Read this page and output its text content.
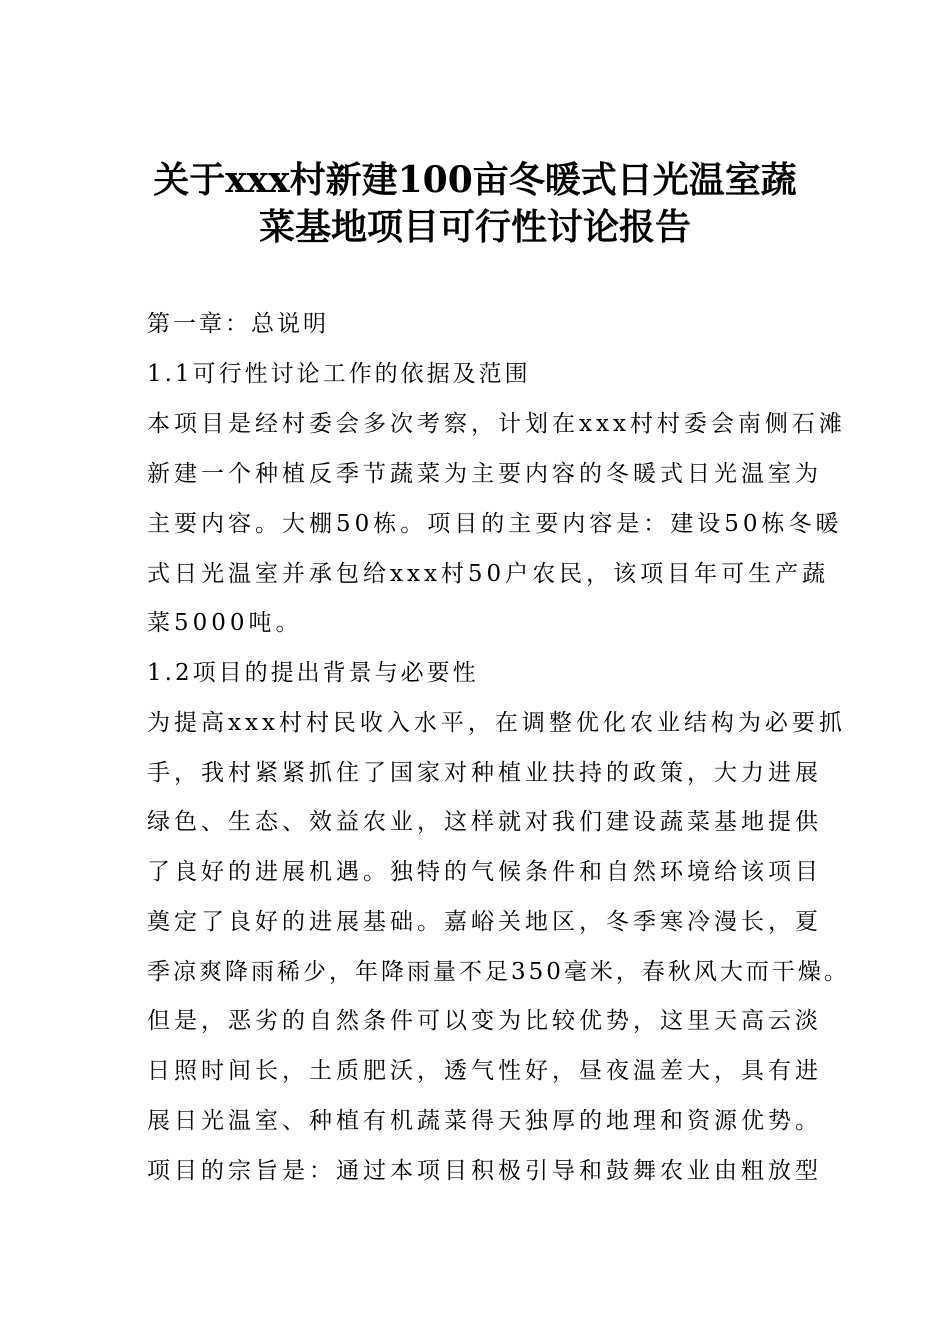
关于xxx村新建100亩冬暖式日光温室蔬
菜基地项目可行性讨论报告
第一章：总说明
1.1可行性讨论工作的依据及范围
本项目是经村委会多次考察，计划在xxx村村委会南侧石滩
新建一个种植反季节蔬菜为主要内容的冬暖式日光温室为
主要内容。大棚50栋。项目的主要内容是：建设50栋冬暖
式日光温室并承包给xxx村50户农民，该项目年可生产蔬
菜5000吨。
1.2项目的提出背景与必要性
为提高xxx村村民收入水平，在调整优化农业结构为必要抓
手，我村紧紧抓住了国家对种植业扶持的政策，大力进展
绿色、生态、效益农业，这样就对我们建设蔬菜基地提供
了良好的进展机遇。独特的气候条件和自然环境给该项目
奠定了良好的进展基础。嘉峪关地区，冬季寒冷漫长，夏
季凉爽降雨稀少，年降雨量不足350毫米，春秋风大而干燥。
但是，恶劣的自然条件可以变为比较优势，这里天高云淡
日照时间长，土质肥沃，透气性好，昼夜温差大，具有进
展日光温室、种植有机蔬菜得天独厚的地理和资源优势。
项目的宗旨是：通过本项目积极引导和鼓舞农业由粗放型
